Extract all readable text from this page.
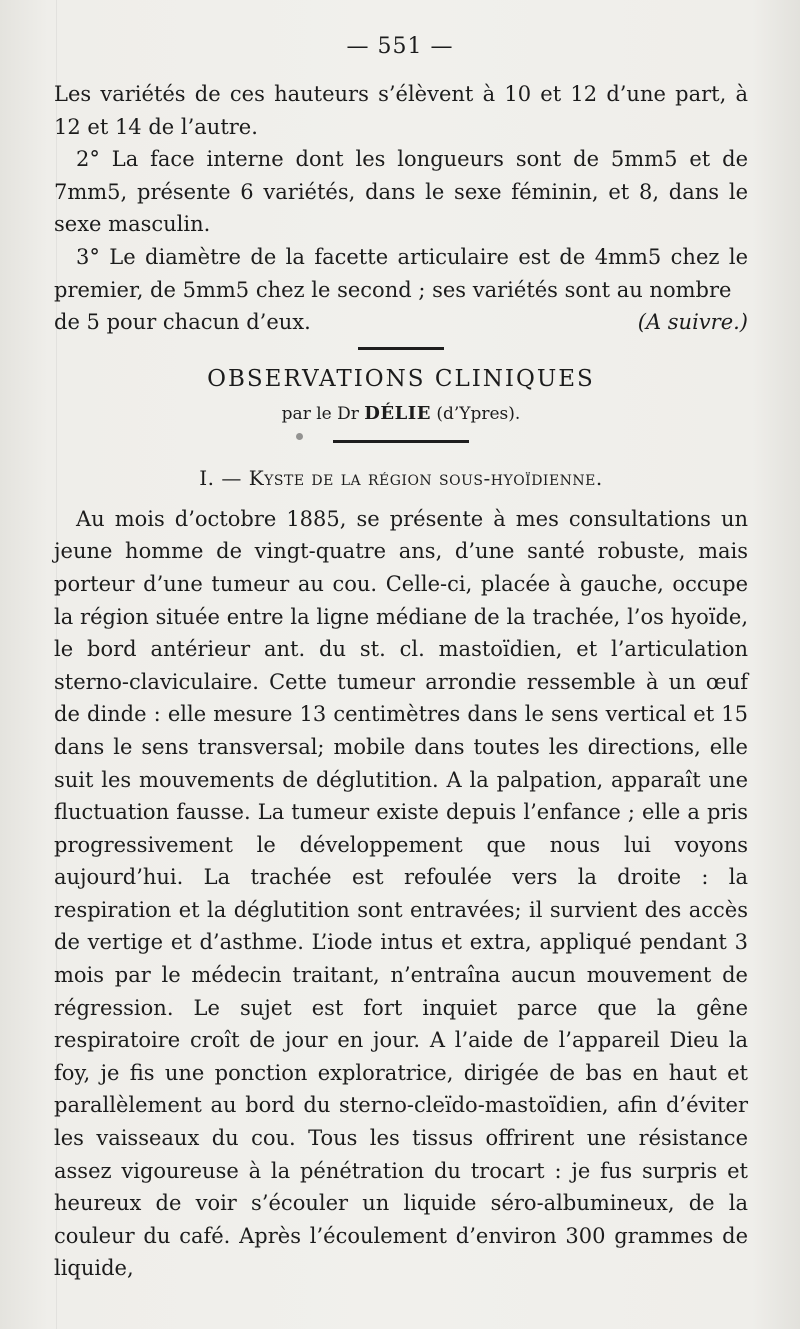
— 551 —

Les variétés de ces hauteurs s’élèvent à 10 et 12 d’une part, à 12 et 14 de l’autre.

2° La face interne dont les longueurs sont de 5mm5 et de 7mm5, présente 6 variétés, dans le sexe féminin, et 8, dans le sexe masculin.

3° Le diamètre de la facette articulaire est de 4mm5 chez le premier, de 5mm5 chez le second ; ses variétés sont au nombre

de 5 pour chacun d’eux.	(A suivre.)
OBSERVATIONS CLINIQUES
par le Dr DÉLIE (d’Ypres).
I. — Kyste de la région sous-hyoïdienne.

Au mois d’octobre 1885, se présente à mes consultations un jeune homme de vingt-quatre ans, d’une santé robuste, mais porteur d’une tumeur au cou. Celle-ci, placée à gauche, occupe la région située entre la ligne médiane de la trachée, l’os hyoïde, le bord antérieur ant. du st. cl. mastoïdien, et l’articulation sterno-claviculaire. Cette tumeur arrondie ressemble à un œuf de dinde : elle mesure 13 centimètres dans le sens vertical et 15 dans le sens transversal; mobile dans toutes les directions, elle suit les mouvements de déglutition. A la palpation, apparaît une fluctuation fausse. La tumeur existe depuis l’enfance ; elle a pris progressivement le développement que nous lui voyons aujourd’hui. La trachée est refoulée vers la droite : la respiration et la déglutition sont entravées; il survient des accès de vertige et d’asthme. L’iode intus et extra, appliqué pendant 3 mois par le médecin traitant, n’entraîna aucun mouvement de régression. Le sujet est fort inquiet parce que la gêne respiratoire croît de jour en jour. A l’aide de l’appareil Dieu la foy, je fis une ponction exploratrice, dirigée de bas en haut et parallèlement au bord du sterno-cleïdo-mastoïdien, afin d’éviter les vaisseaux du cou. Tous les tissus offrirent une résistance assez vigoureuse à la pénétration du trocart : je fus surpris et heureux de voir s’écouler un liquide séro-albumineux, de la couleur du café. Après l’écoulement d’environ 300 grammes de liquide,
